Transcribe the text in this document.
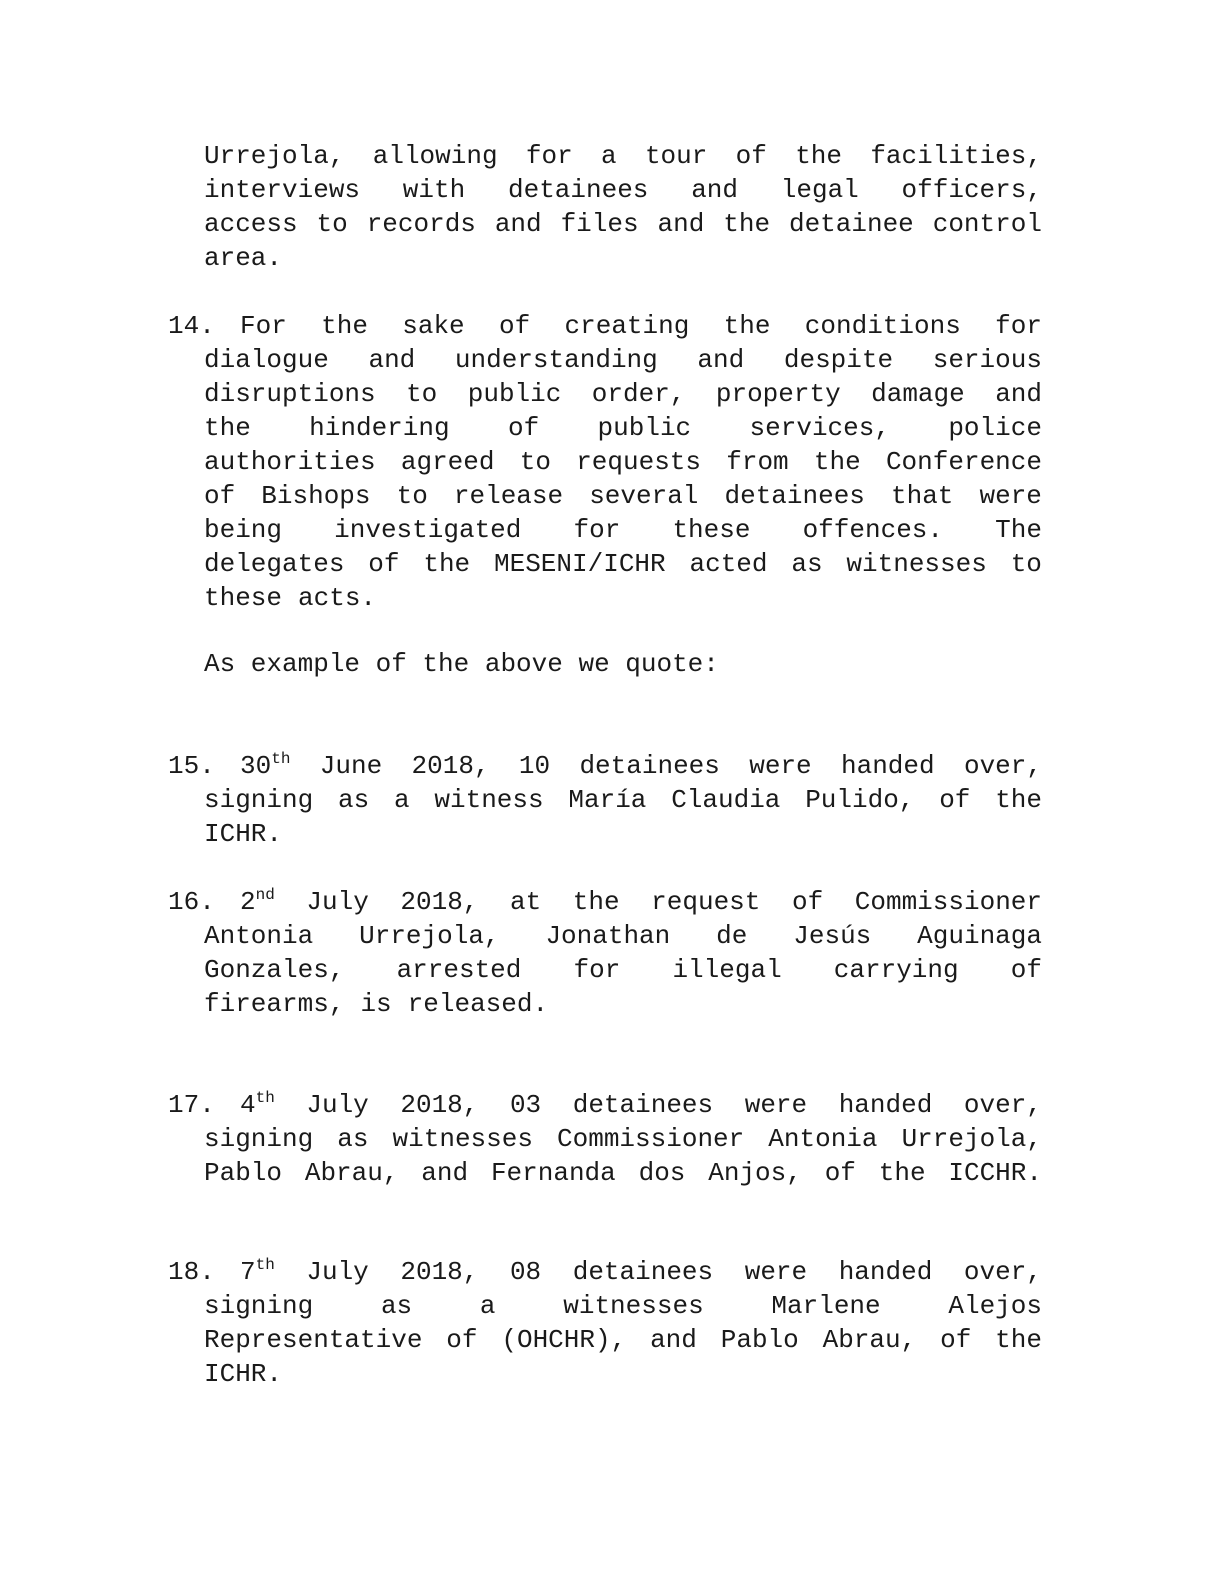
Urrejola, allowing for a tour of the facilities,
interviews with detainees and legal officers,
access to records and files and the detainee control
area.
14. For the sake of creating the conditions for
dialogue and understanding and despite serious
disruptions to public order, property damage and
the hindering of public services, police
authorities agreed to requests from the Conference
of Bishops to release several detainees that were
being investigated for these offences. The
delegates of the MESENI/ICHR acted as witnesses to
these acts.
As example of the above we quote:
15. 30th June 2018, 10 detainees were handed over,
signing as a witness María Claudia Pulido, of the
ICHR.
16. 2nd July 2018, at the request of Commissioner
Antonia Urrejola, Jonathan de Jesús Aguinaga
Gonzales, arrested for illegal carrying of
firearms, is released.
17. 4th July 2018, 03 detainees were handed over,
signing as witnesses Commissioner Antonia Urrejola,
Pablo Abrau, and Fernanda dos Anjos, of the ICCHR.
18. 7th July 2018, 08 detainees were handed over,
signing	as	a	witnesses	Marlene	Alejos
Representative of (OHCHR), and Pablo Abrau, of the
ICHR.
